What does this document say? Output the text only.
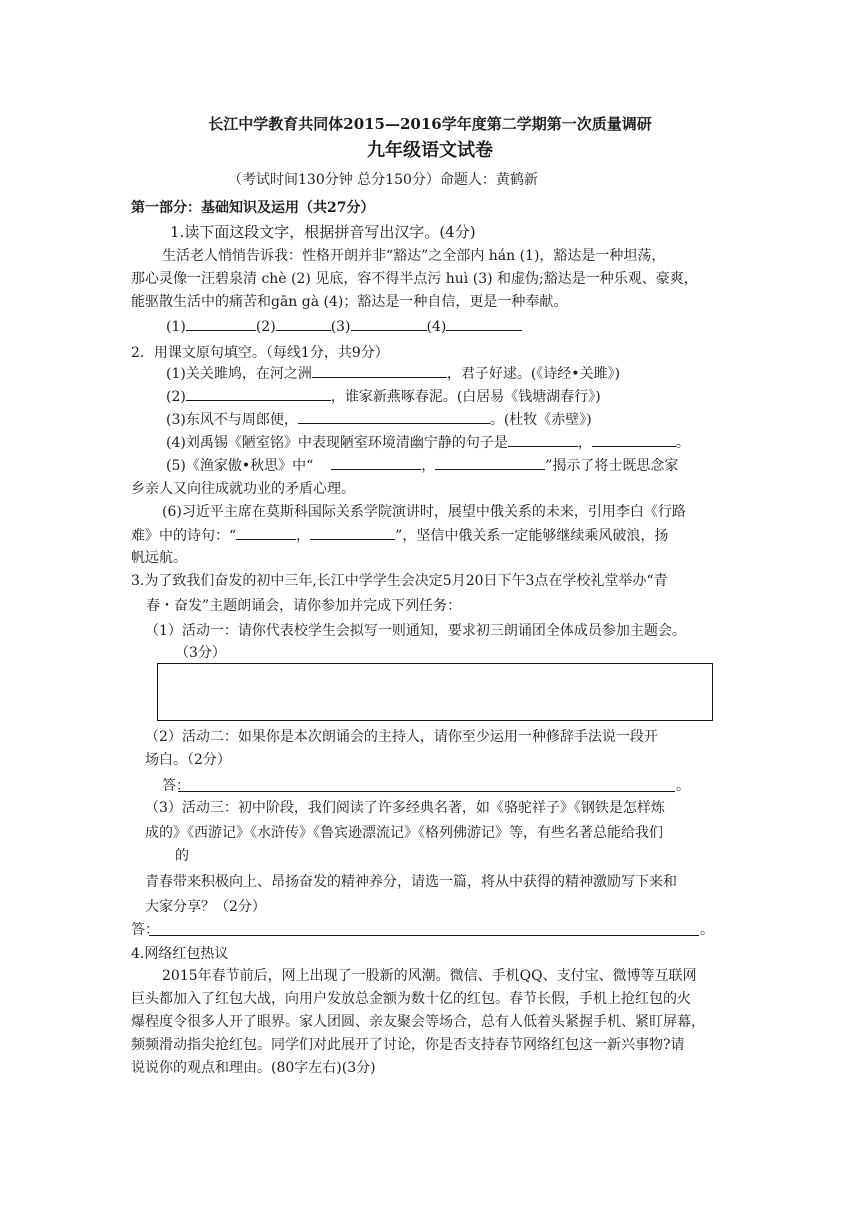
长江中学教育共同体2015—2016学年度第二学期第一次质量调研
九年级语文试卷
（考试时间130分钟 总分150分）命题人：黄鹤新
第一部分：基础知识及运用（共27分）
1.读下面这段文字，根据拼音写出汉字。(4分)
生活老人悄悄告诉我：性格开朗并非“豁达”之全部内 hán (1)，豁达是一种坦荡，
那心灵像一汪碧泉清 chè (2) 见底，容不得半点污 huì (3) 和虚伪;豁达是一种乐观、豪爽，
能驱散生活中的痛苦和gān gà (4)；豁达是一种自信，更是一种奉献。
(1)	(2)	(3)	(4)
2．用课文原句填空。（每线1分，共9分）
(1)关关雎鸠，在河之洲	，君子好逑。(《诗经•关雎》)
(2)	，谁家新燕啄春泥。(白居易《钱塘湖春行》)
(3)东风不与周郎便，	。(杜牧《赤壁》)
(4)刘禹锡《陋室铭》中表现陋室环境清幽宁静的句子是	，	。
(5)《渔家傲•秋思》中“	，	”揭示了将士既思念家
乡亲人又向往成就功业的矛盾心理。
(6)习近平主席在莫斯科国际关系学院演讲时，展望中俄关系的未来，引用李白《行路
难》中的诗句：“	，	”，坚信中俄关系一定能够继续乘风破浪，扬
帆远航。
3.为了致我们奋发的初中三年,长江中学学生会决定5月20日下午3点在学校礼堂举办“青
春・奋发”主题朗诵会，请你参加并完成下列任务：
（1）活动一：请你代表校学生会拟写一则通知，要求初三朗诵团全体成员参加主题会。
（3分）
（2）活动二：如果你是本次朗诵会的主持人，请你至少运用一种修辞手法说一段开
场白。（2分）
答：	。
（3）活动三：初中阶段，我们阅读了许多经典名著，如《骆驼祥子》《钢铁是怎样炼
成的》《西游记》《水浒传》《鲁宾逊漂流记》《格列佛游记》等，有些名著总能给我们
的
青春带来积极向上、昂扬奋发的精神养分，请选一篇，将从中获得的精神激励写下来和
大家分享？（2分）
答：	。
4.网络红包热议
2015年春节前后，网上出现了一股新的风潮。微信、手机QQ、支付宝、微博等互联网
巨头都加入了红包大战，向用户发放总金额为数十亿的红包。春节长假，手机上抢红包的火
爆程度令很多人开了眼界。家人团圆、亲友聚会等场合，总有人低着头紧握手机、紧盯屏幕，
频频滑动指尖抢红包。同学们对此展开了讨论，你是否支持春节网络红包这一新兴事物?请
说说你的观点和理由。(80字左右)(3分)
